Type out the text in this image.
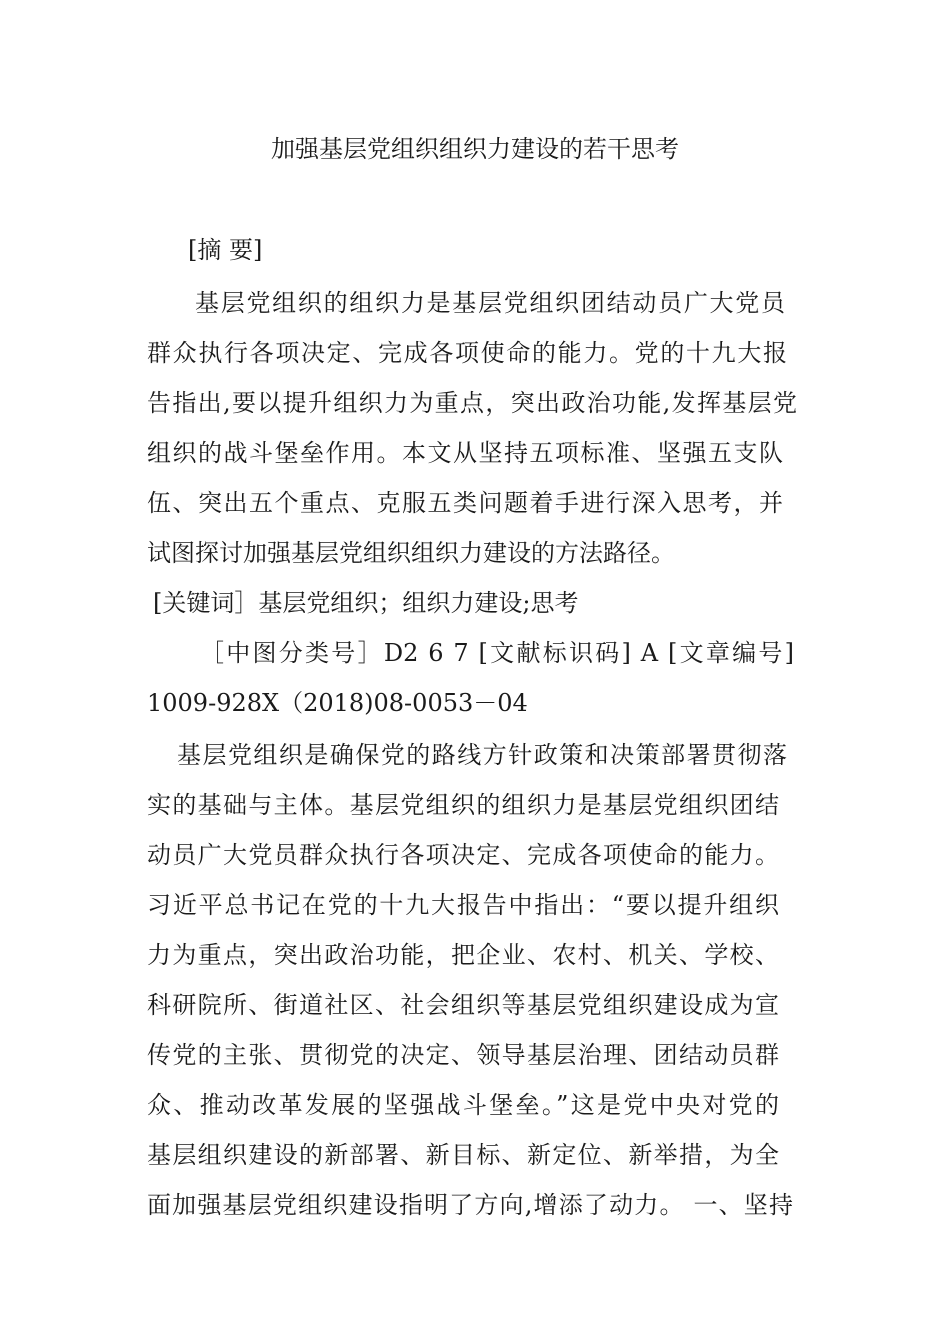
加强基层党组织组织力建设的若干思考
[摘 要]
基层党组织的组织力是基层党组织团结动员广大党员
群众执行各项决定、完成各项使命的能力。党的十九大报
告指出,要以提升组织力为重点，突出政治功能,发挥基层党
组织的战斗堡垒作用。本文从坚持五项标准、坚强五支队
伍、突出五个重点、克服五类问题着手进行深入思考，并
试图探讨加强基层党组织组织力建设的方法路径。
[关键词］基层党组织；组织力建设;思考
［中图分类号］D2 6 7 [文献标识码] A [文章编号]
1009-928X（2018)08-0053－04
基层党组织是确保党的路线方针政策和决策部署贯彻落
实的基础与主体。基层党组织的组织力是基层党组织团结
动员广大党员群众执行各项决定、完成各项使命的能力。
习近平总书记在党的十九大报告中指出：“要以提升组织
力为重点，突出政治功能，把企业、农村、机关、学校、
科研院所、街道社区、社会组织等基层党组织建设成为宣
传党的主张、贯彻党的决定、领导基层治理、团结动员群
众、推动改革发展的坚强战斗堡垒。”这是党中央对党的
基层组织建设的新部署、新目标、新定位、新举措，为全
面加强基层党组织建设指明了方向,增添了动力。 一、坚持
